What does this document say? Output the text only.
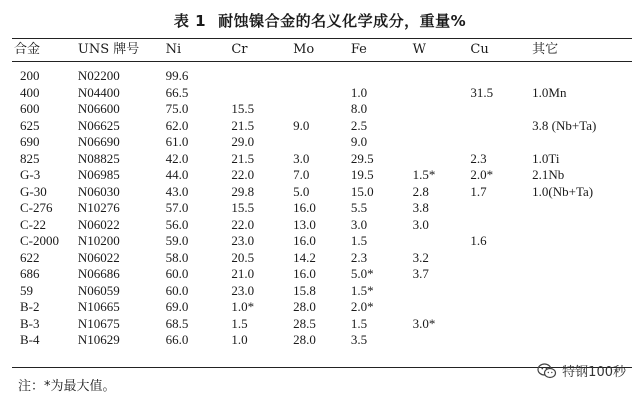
表 1 耐蚀镍合金的名义化学成分，重量%
合金	UNS 牌号	Ni	Cr	Mo	Fe	W	Cu	其它
200	N02200	99.6						
400	N04400	66.5			1.0		31.5	1.0Mn
600	N06600	75.0	15.5		8.0			
625	N06625	62.0	21.5	9.0	2.5			3.8 (Nb+Ta)
690	N06690	61.0	29.0		9.0			
825	N08825	42.0	21.5	3.0	29.5		2.3	1.0Ti
G-3	N06985	44.0	22.0	7.0	19.5	1.5*	2.0*	2.1Nb
G-30	N06030	43.0	29.8	5.0	15.0	2.8	1.7	1.0(Nb+Ta)
C-276	N10276	57.0	15.5	16.0	5.5	3.8		
C-22	N06022	56.0	22.0	13.0	3.0	3.0		
C-2000	N10200	59.0	23.0	16.0	1.5		1.6	
622	N06022	58.0	20.5	14.2	2.3	3.2		
686	N06686	60.0	21.0	16.0	5.0*	3.7		
59	N06059	60.0	23.0	15.8	1.5*			
B-2	N10665	69.0	1.0*	28.0	2.0*			
B-3	N10675	68.5	1.5	28.5	1.5	3.0*		
B-4	N10629	66.0	1.0	28.0	3.5			
注：*为最大值。
特钢100秒
